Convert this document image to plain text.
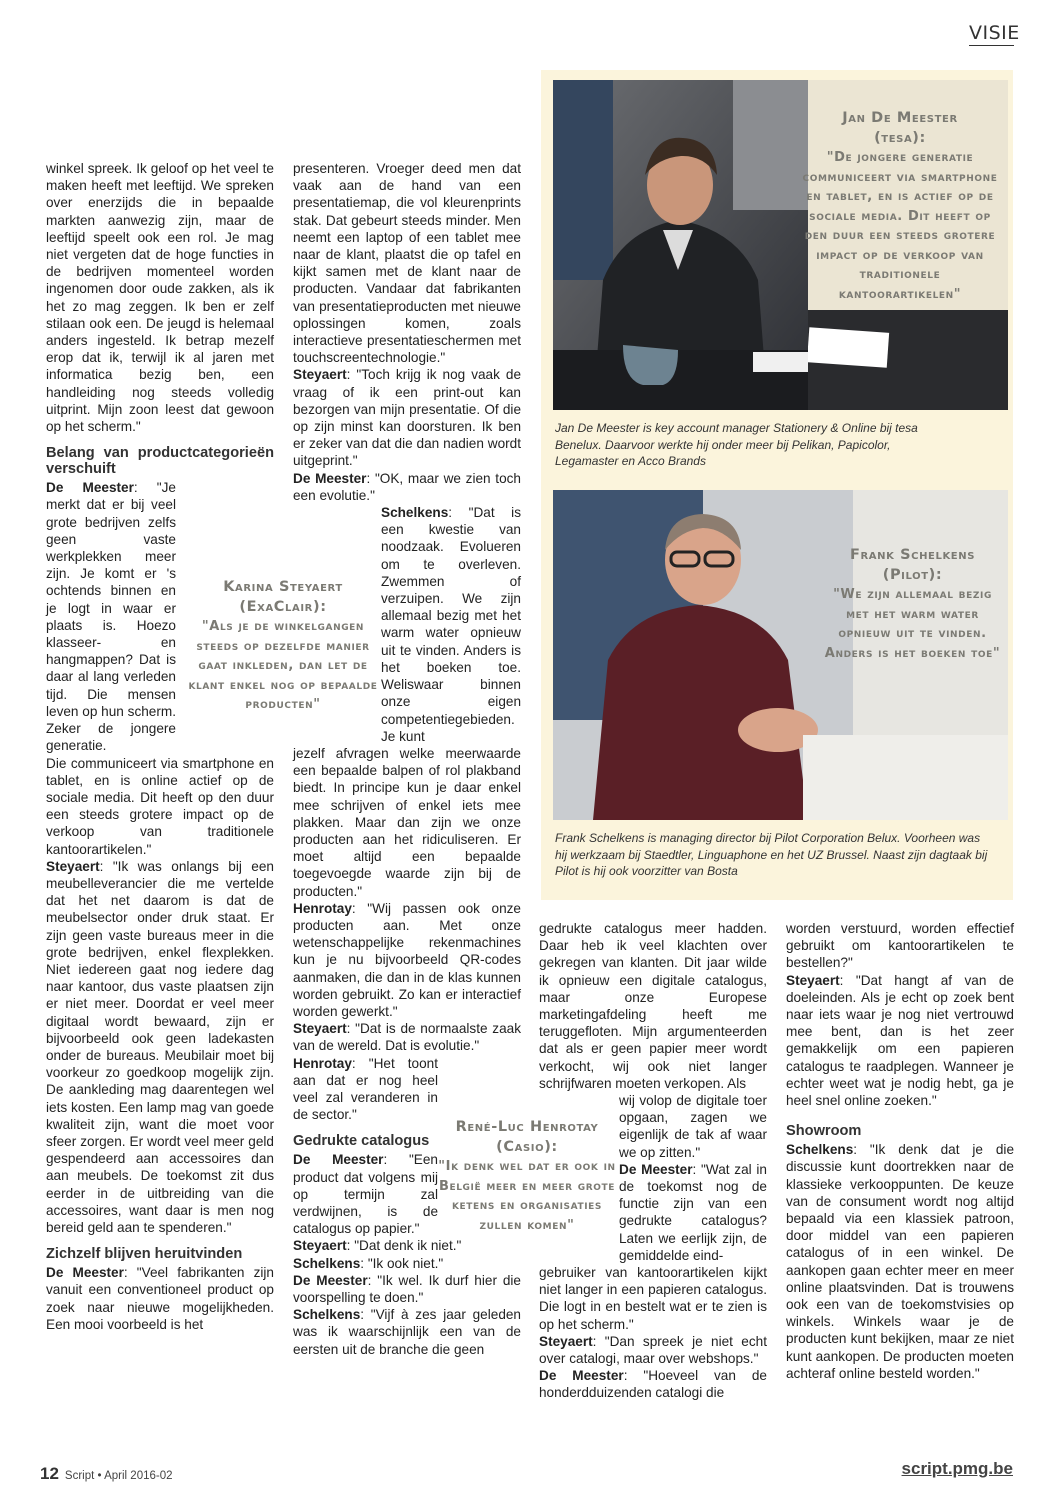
VISIE
Jan De Meester
(tesa):
"De jongere generatie communiceert via smartphone en tablet, en is actief op de sociale media. Dit heeft op den duur een steeds grotere impact op de verkoop van traditionele kantoorartikelen"
Jan De Meester is key account manager Stationery & Online bij tesa Benelux. Daarvoor werkte hij onder meer bij Pelikan, Papicolor, Legamaster en Acco Brands
Frank Schelkens
(Pilot):
"We zijn allemaal bezig met het warm water opnieuw uit te vinden. Anders is het boeken toe"
Frank Schelkens is managing director bij Pilot Corporation Belux. Voorheen was hij werkzaam bij Staedtler, Linguaphone en het UZ Brussel. Naast zijn dagtaak bij Pilot is hij ook voorzitter van Bosta

winkel spreek. Ik geloof op het veel te maken heeft met leeftijd. We spreken over enerzijds die in bepaalde markten aanwezig zijn, maar de leeftijd speelt ook een rol. Je mag niet vergeten dat de hoge functies in de bedrijven momenteel worden ingenomen door oude zakken, als ik het zo mag zeggen. Ik ben er zelf stilaan ook een. De jeugd is helemaal anders ingesteld. Ik betrap mezelf erop dat ik, terwijl ik al jaren met informatica bezig ben, een handleiding nog steeds volledig uitprint. Mijn zoon leest dat gewoon op het scherm."

Belang van productcategorieën verschuift

De Meester: "Je merkt dat er bij veel grote bedrijven zelfs geen vaste werkplekken meer zijn. Je komt er 's ochtends binnen en je logt in waar er plaats is. Hoezo klasseer- en hangmappen? Dat is daar al lang verleden tijd. Die mensen leven op hun scherm. Zeker de jongere generatie.

Die communiceert via smartphone en tablet, en is online actief op de sociale media. Dit heeft op den duur een steeds grotere impact op de verkoop van traditionele kantoorartikelen."

Steyaert: "Ik was onlangs bij een meubelleverancier die me vertelde dat het net daarom is dat de meubelsector onder druk staat. Er zijn geen vaste bureaus meer in die grote bedrijven, enkel flexplekken. Niet iedereen gaat nog iedere dag naar kantoor, dus vaste plaatsen zijn er niet meer. Doordat er veel meer digitaal wordt bewaard, zijn er bijvoorbeeld ook geen ladekasten onder de bureaus. Meubilair moet bij voorkeur zo goedkoop mogelijk zijn. De aankleding mag daarentegen wel iets kosten. Een lamp mag van goede kwaliteit zijn, want die moet voor sfeer zorgen. Er wordt veel meer geld gespendeerd aan accessoires dan aan meubels. De toekomst zit dus eerder in de uitbreiding van die accessoires, want daar is men nog bereid geld aan te spenderen."

Zichzelf blijven heruitvinden

De Meester: "Veel fabrikanten zijn vanuit een conventioneel product op zoek naar nieuwe mogelijkheden. Een mooi voorbeeld is het

Karina Steyaert
(ExaClair):
"Als je de winkelgangen steeds op dezelfde manier gaat inkleden, dan let de klant enkel nog op bepaalde producten"

presenteren. Vroeger deed men dat vaak aan de hand van een presentatiemap, die vol kleurenprints stak. Dat gebeurt steeds minder. Men neemt een laptop of een tablet mee naar de klant, plaatst die op tafel en kijkt samen met de klant naar de producten. Vandaar dat fabrikanten van presentatieproducten met nieuwe oplossingen komen, zoals interactieve presentatieschermen met touchscreentechnologie."

Steyaert: "Toch krijg ik nog vaak de vraag of ik een print-out kan bezorgen van mijn presentatie. Of die op zijn minst kan doorsturen. Ik ben er zeker van dat die dan nadien wordt uitgeprint."

De Meester: "OK, maar we zien toch een evolutie."

Schelkens: "Dat is een kwestie van noodzaak. Evolueren om te overleven. Zwemmen of verzuipen. We zijn allemaal bezig met het warm water opnieuw uit te vinden. Anders is het boeken toe. Weliswaar binnen onze eigen competentiegebieden. Je kunt

jezelf afvragen welke meerwaarde een bepaalde balpen of rol plakband biedt. In principe kun je daar enkel mee schrijven of enkel iets mee plakken. Maar dan zijn we onze producten aan het ridiculiseren. Er moet altijd een bepaalde toegevoegde waarde zijn bij de producten."

Henrotay: "Wij passen ook onze producten aan. Met onze wetenschappelijke rekenmachines kun je nu bijvoorbeeld QR-codes aanmaken, die dan in de klas kunnen worden gebruikt. Zo kan er interactief worden gewerkt."

Steyaert: "Dat is de normaalste zaak van de wereld. Dat is evolutie."

Henrotay: "Het toont aan dat er nog heel veel zal veranderen in de sector."

Gedrukte catalogus

De Meester: "Een product dat volgens mij op termijn zal verdwijnen, is de catalogus op papier."

Steyaert: "Dat denk ik niet."

Schelkens: "Ik ook niet."

De Meester: "Ik wel. Ik durf hier die voorspelling te doen."

Schelkens: "Vijf à zes jaar geleden was ik waarschijnlijk een van de eersten uit de branche die geen

René-Luc Henrotay
(Casio):
"Ik denk wel dat er ook in België meer en meer grote ketens en organisaties zullen komen"

gedrukte catalogus meer hadden. Daar heb ik veel klachten over gekregen van klanten. Dit jaar wilde ik opnieuw een digitale catalogus, maar onze Europese marketingafdeling heeft me teruggefloten. Mijn argumenteerden dat als er geen papier meer wordt verkocht, wij ook niet langer schrijfwaren moeten verkopen. Als

wij volop de digitale toer opgaan, zagen we eigenlijk de tak af waar we op zitten."

De Meester: "Wat zal in de toekomst nog de functie zijn van een gedrukte catalogus? Laten we eerlijk zijn, de gemiddelde eind-

gebruiker van kantoorartikelen kijkt niet langer in een papieren catalogus. Die logt in en bestelt wat er te zien is op het scherm."

Steyaert: "Dan spreek je niet echt over catalogi, maar over webshops."

De Meester: "Hoeveel van de honderdduizenden catalogi die

worden verstuurd, worden effectief gebruikt om kantoorartikelen te bestellen?"

Steyaert: "Dat hangt af van de doeleinden. Als je echt op zoek bent naar iets waar je nog niet vertrouwd mee bent, dan is het zeer gemakkelijk om een papieren catalogus te raadplegen. Wanneer je echter weet wat je nodig hebt, ga je heel snel online zoeken."

Showroom

Schelkens: "Ik denk dat je die discussie kunt doortrekken naar de klassieke verkooppunten. De keuze van de consument wordt nog altijd bepaald via een klassiek patroon, door middel van een papieren catalogus of in een winkel. De aankopen gaan echter meer en meer online plaatsvinden. Dat is trouwens ook een van de toekomstvisies op winkels. Winkels waar je de producten kunt bekijken, maar ze niet kunt aankopen. De producten moeten achteraf online besteld worden."

12 Script • April 2016-02	script.pmg.be
